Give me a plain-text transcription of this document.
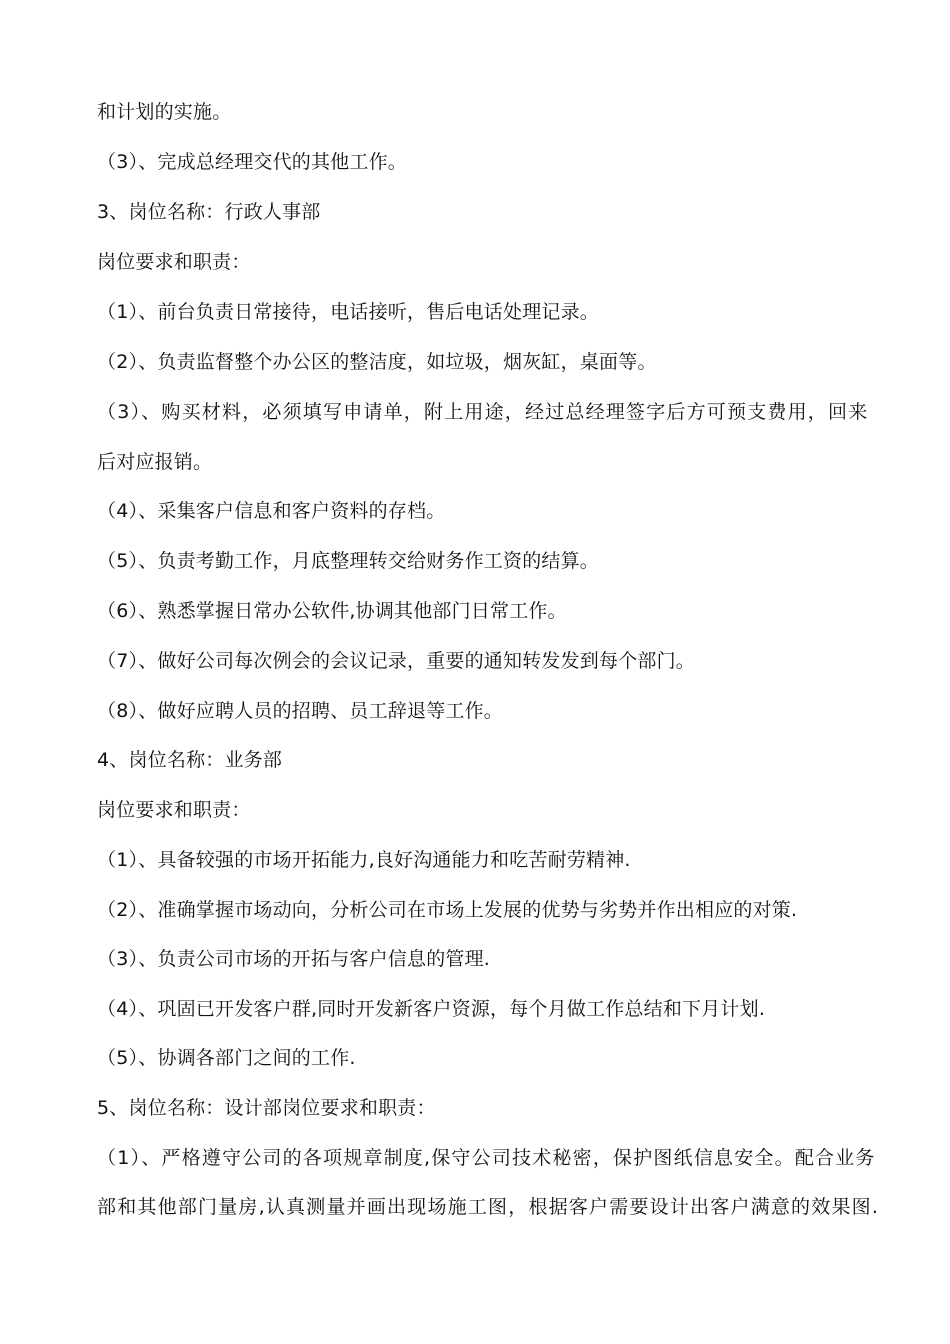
和计划的实施。
（3）、完成总经理交代的其他工作。
3、岗位名称：行政人事部
岗位要求和职责：
（1）、前台负责日常接待，电话接听，售后电话处理记录。
（2）、负责监督整个办公区的整洁度，如垃圾，烟灰缸，桌面等。
（3）、购买材料，必须填写申请单，附上用途，经过总经理签字后方可预支费用，回来
后对应报销。
（4）、采集客户信息和客户资料的存档。
（5）、负责考勤工作，月底整理转交给财务作工资的结算。
（6）、熟悉掌握日常办公软件,协调其他部门日常工作。
（7）、做好公司每次例会的会议记录，重要的通知转发发到每个部门。
（8）、做好应聘人员的招聘、员工辞退等工作。
4、岗位名称：业务部
岗位要求和职责：
（1）、具备较强的市场开拓能力,良好沟通能力和吃苦耐劳精神.
（2）、准确掌握市场动向，分析公司在市场上发展的优势与劣势并作出相应的对策.
（3）、负责公司市场的开拓与客户信息的管理.
（4）、巩固已开发客户群,同时开发新客户资源，每个月做工作总结和下月计划.
（5）、协调各部门之间的工作.
5、岗位名称：设计部岗位要求和职责：
（1）、严格遵守公司的各项规章制度,保守公司技术秘密，保护图纸信息安全。配合业务
部和其他部门量房,认真测量并画出现场施工图，根据客户需要设计出客户满意的效果图.
